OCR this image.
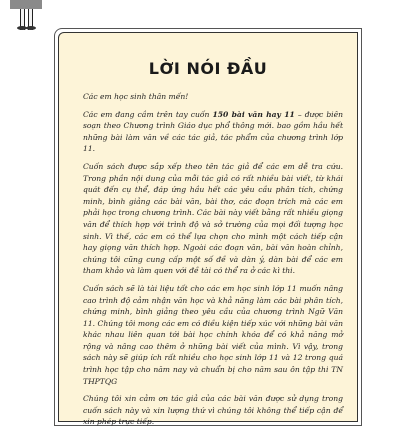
LỜI NÓI ĐẦU

Các em học sinh thân mến!

Các em đang cầm trên tay cuốn 150 bài văn hay 11 – được biên soạn theo Chương trình Giáo dục phổ thông mới. bao gồm hầu hết những bài làm văn về các tác giả, tác phẩm của chương trình lớp 11.

Cuốn sách được sắp xếp theo tên tác giả để các em dễ tra cứu. Trong phần nội dung của mỗi tác giả có rất nhiều bài viết, từ khái quát đến cụ thể, đáp ứng hầu hết các yêu cầu phân tích, chứng minh, bình giảng các bài văn, bài thơ, các đoạn trích mà các em phải học trong chương trình. Các bài này viết bằng rất nhiều giọng văn để thích hợp với trình độ và sở trường của mọi đối tượng học sinh. Vì thế, các em có thể lựa chọn cho mình một cách tiếp cận hay giọng văn thích hợp. Ngoài các đoạn văn, bài văn hoàn chỉnh, chúng tôi cũng cung cấp một số đề và dàn ý, dàn bài để các em tham khảo và làm quen với đề tài có thể ra ở các kì thi.

Cuốn sách sẽ là tài liệu tốt cho các em học sinh lớp 11 muốn nâng cao trình độ cảm nhận văn học và khả năng làm các bài phân tích, chứng minh, bình giảng theo yêu cầu của chương trình Ngữ Văn 11. Chúng tôi mong các em có điều kiện tiếp xúc với những bài văn khác nhau liên quan tới bài học chính khóa để có khả năng mở rộng và nâng cao thêm ở những bài viết của mình. Vì vậy, trong sách này sẽ giúp ích rất nhiều cho học sinh lớp 11 và 12 trong quá trình học tập cho năm nay và chuẩn bị cho năm sau ôn tập thi TN THPTQG

Chúng tôi xin cảm ơn tác giả của các bài văn được sử dụng trong cuốn sách này và xin lượng thứ vì chúng tôi không thể tiếp cận để xin phép trực tiếp.
